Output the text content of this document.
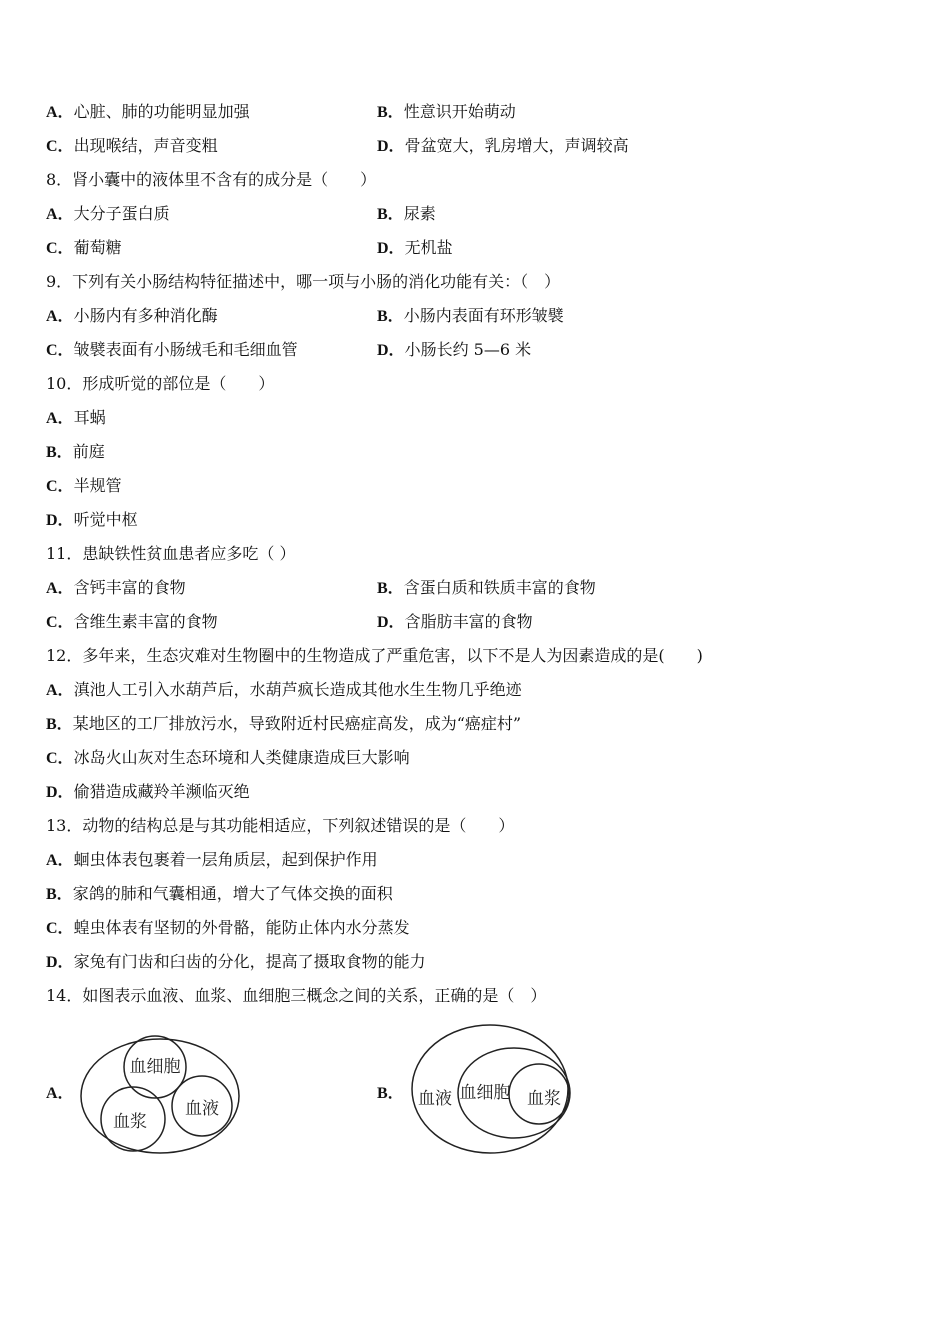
A．心脏、肺的功能明显加强	B．性意识开始萌动
C．出现喉结，声音变粗	D．骨盆宽大，乳房增大，声调较高
8．肾小囊中的液体里不含有的成分是（　　）
A．大分子蛋白质	B．尿素
C．葡萄糖	D．无机盐
9．下列有关小肠结构特征描述中，哪一项与小肠的消化功能有关：（　）
A．小肠内有多种消化酶	B．小肠内表面有环形皱襞
C．皱襞表面有小肠绒毛和毛细血管	D．小肠长约 5—6 米
10．形成听觉的部位是（　　）
A．耳蜗
B．前庭
C．半规管
D．听觉中枢
11．患缺铁性贫血患者应多吃（ ）
A．含钙丰富的食物	B．含蛋白质和铁质丰富的食物
C．含维生素丰富的食物	D．含脂肪丰富的食物
12．多年来，生态灾难对生物圈中的生物造成了严重危害，以下不是人为因素造成的是(　　)
A．滇池人工引入水葫芦后，水葫芦疯长造成其他水生生物几乎绝迹
B．某地区的工厂排放污水，导致附近村民癌症高发，成为“癌症村”
C．冰岛火山灰对生态环境和人类健康造成巨大影响
D．偷猎造成藏羚羊濒临灭绝
13．动物的结构总是与其功能相适应，下列叙述错误的是（　　）
A．蛔虫体表包裹着一层角质层，起到保护作用
B．家鸽的肺和气囊相通，增大了气体交换的面积
C．蝗虫体表有坚韧的外骨骼，能防止体内水分蒸发
D．家兔有门齿和臼齿的分化，提高了摄取食物的能力
14．如图表示血液、血浆、血细胞三概念之间的关系，正确的是（　）
A．
血细胞
血浆
血液
B． 血液 血细胞 血浆
